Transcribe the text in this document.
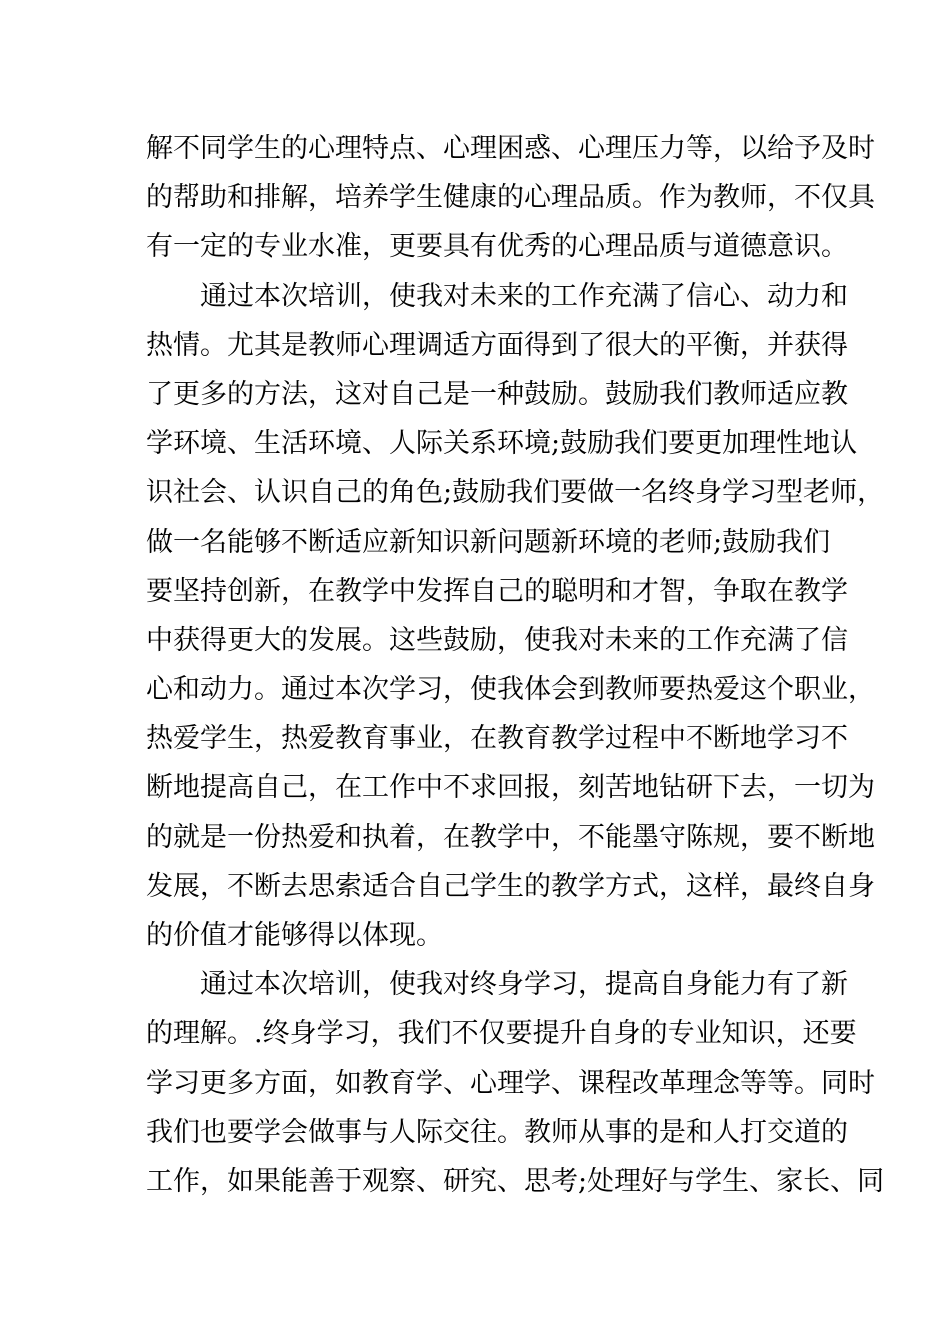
解不同学生的心理特点、心理困惑、心理压力等，以给予及时
的帮助和排解，培养学生健康的心理品质。作为教师，不仅具
有一定的专业水准，更要具有优秀的心理品质与道德意识。
通过本次培训，使我对未来的工作充满了信心、动力和
热情。尤其是教师心理调适方面得到了很大的平衡，并获得
了更多的方法，这对自己是一种鼓励。鼓励我们教师适应教
学环境、生活环境、人际关系环境;鼓励我们要更加理性地认
识社会、认识自己的角色;鼓励我们要做一名终身学习型老师，
做一名能够不断适应新知识新问题新环境的老师;鼓励我们
要坚持创新，在教学中发挥自己的聪明和才智，争取在教学
中获得更大的发展。这些鼓励，使我对未来的工作充满了信
心和动力。通过本次学习，使我体会到教师要热爱这个职业，
热爱学生，热爱教育事业，在教育教学过程中不断地学习不
断地提高自己，在工作中不求回报，刻苦地钻研下去，一切为
的就是一份热爱和执着，在教学中，不能墨守陈规，要不断地
发展，不断去思索适合自己学生的教学方式，这样，最终自身
的价值才能够得以体现。
通过本次培训，使我对终身学习，提高自身能力有了新
的理解。.终身学习，我们不仅要提升自身的专业知识，还要
学习更多方面，如教育学、心理学、课程改革理念等等。同时
我们也要学会做事与人际交往。教师从事的是和人打交道的
工作，如果能善于观察、研究、思考;处理好与学生、家长、同
